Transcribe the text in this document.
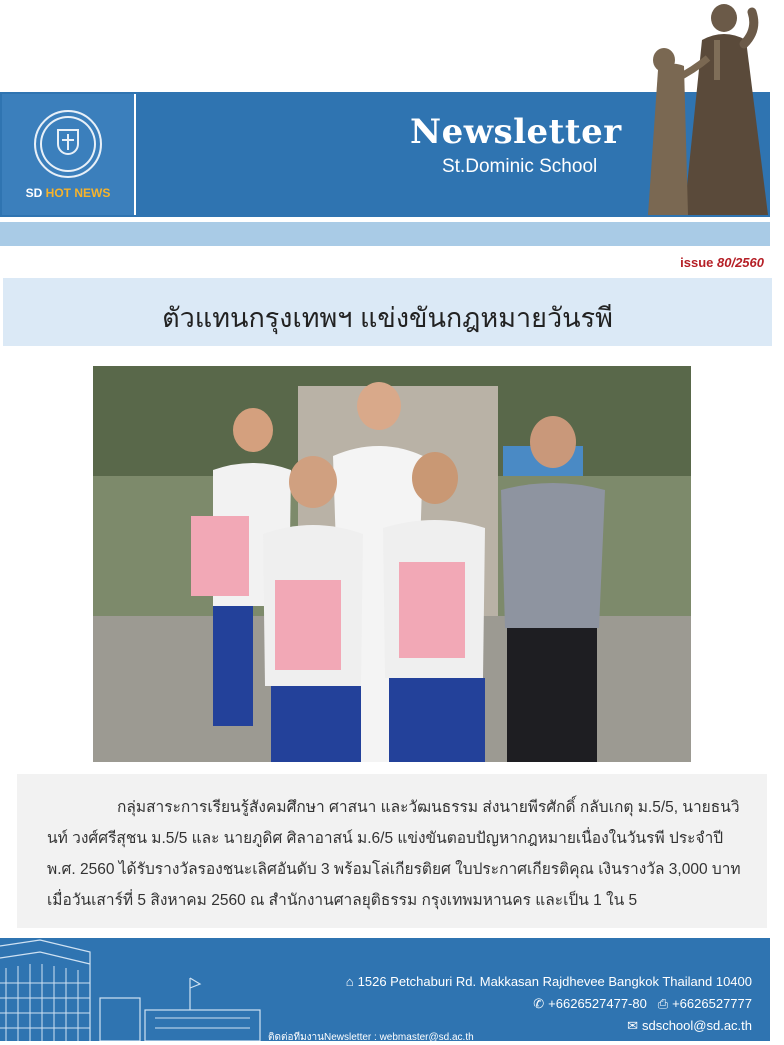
SD HOT NEWS
Newsletter
St.Dominic School
issue 80/2560
ตัวแทนกรุงเทพฯ แข่งขันกฎหมายวันรพี
กลุ่มสาระการเรียนรู้สังคมศึกษา ศาสนา และวัฒนธรรม ส่งนายพีรศักดิ์ กลับเกตุ ม.5/5, นายธนวินท์ วงศ์ศรีสุชน ม.5/5 และ นายภูดิศ ศิลาอาสน์ ม.6/5 แข่งขันตอบปัญหากฎหมายเนื่องในวันรพี ประจำปี พ.ศ. 2560 ได้รับรางวัลรองชนะเลิศอันดับ 3 พร้อมโล่เกียรติยศ ใบประกาศเกียรติคุณ เงินรางวัล 3,000 บาท เมื่อวันเสาร์ที่ 5 สิงหาคม 2560 ณ สำนักงานศาลยุติธรรม กรุงเทพมหานคร และเป็น 1 ใน 5
⌂ 1526 Petchaburi Rd. Makkasan Rajdhevee Bangkok Thailand 10400
✆ +6626527477-80 ⎙ +6626527777
✉ sdschool@sd.ac.th
ติดต่อทีมงานNewsletter : webmaster@sd.ac.th
